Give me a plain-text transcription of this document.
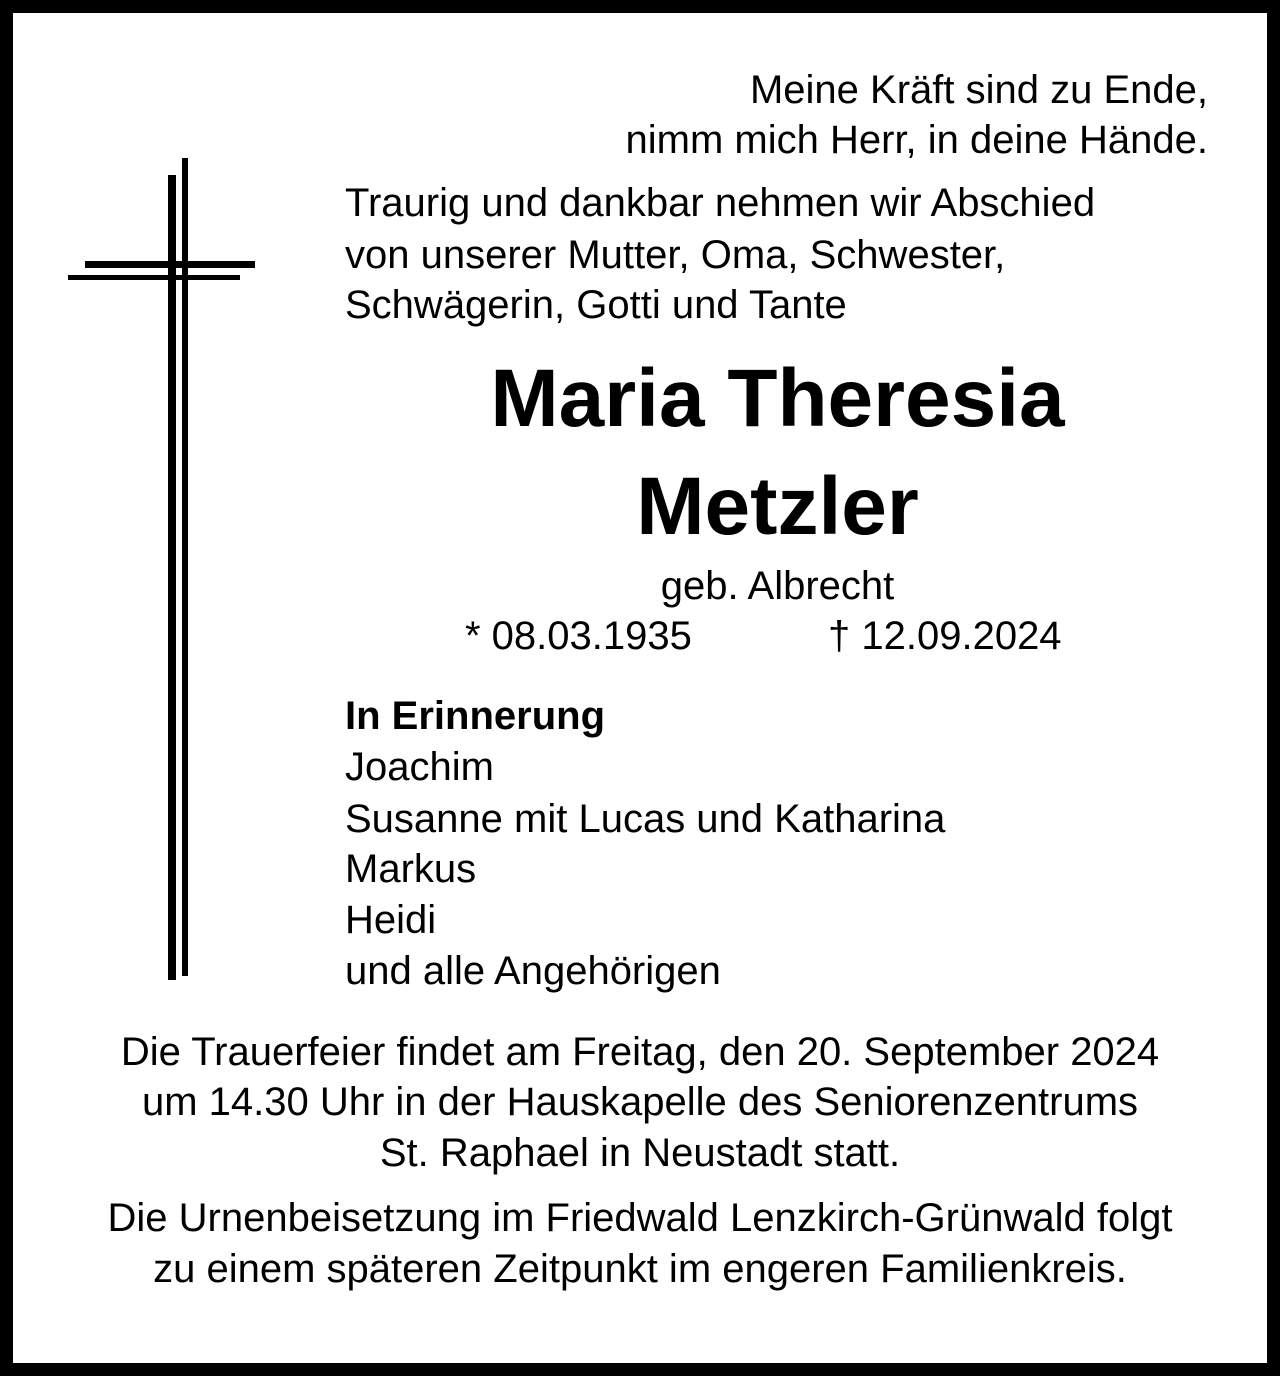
Meine Kräft sind zu Ende,
nimm mich Herr, in deine Hände.
Traurig und dankbar nehmen wir Abschied
von unserer Mutter, Oma, Schwester,
Schwägerin, Gotti und Tante
Maria Theresia
Metzler
geb. Albrecht
* 08.03.1935	† 12.09.2024
In Erinnerung
Joachim
Susanne mit Lucas und Katharina
Markus
Heidi
und alle Angehörigen
Die Trauerfeier findet am Freitag, den 20. September 2024
um 14.30 Uhr in der Hauskapelle des Seniorenzentrums
St. Raphael in Neustadt statt.
Die Urnenbeisetzung im Friedwald Lenzkirch-Grünwald folgt
zu einem späteren Zeitpunkt im engeren Familienkreis.
